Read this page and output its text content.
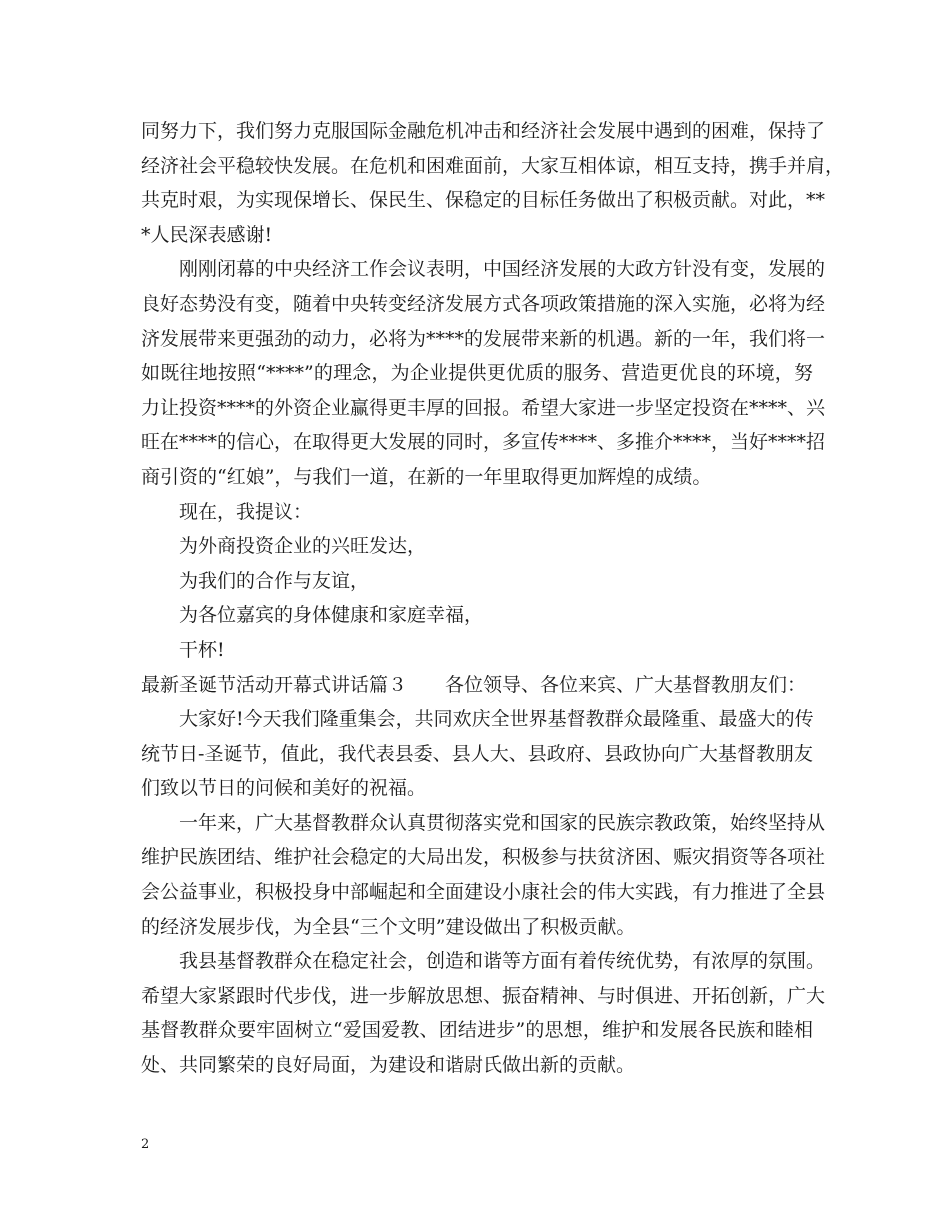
同努力下，我们努力克服国际金融危机冲击和经济社会发展中遇到的困难，保持了
经济社会平稳较快发展。在危机和困难面前，大家互相体谅，相互支持，携手并肩，
共克时艰，为实现保增长、保民生、保稳定的目标任务做出了积极贡献。对此，**
*人民深表感谢!
刚刚闭幕的中央经济工作会议表明，中国经济发展的大政方针没有变，发展的
良好态势没有变，随着中央转变经济发展方式各项政策措施的深入实施，必将为经
济发展带来更强劲的动力，必将为****的发展带来新的机遇。新的一年，我们将一
如既往地按照“****”的理念，为企业提供更优质的服务、营造更优良的环境，努
力让投资****的外资企业赢得更丰厚的回报。希望大家进一步坚定投资在****、兴
旺在****的信心，在取得更大发展的同时，多宣传****、多推介****，当好****招
商引资的“红娘”，与我们一道，在新的一年里取得更加辉煌的成绩。
现在，我提议：
为外商投资企业的兴旺发达，
为我们的合作与友谊，
为各位嘉宾的身体健康和家庭幸福，
干杯!
最新圣诞节活动开幕式讲话篇３　　各位领导、各位来宾、广大基督教朋友们：
大家好!今天我们隆重集会，共同欢庆全世界基督教群众最隆重、最盛大的传
统节日-圣诞节，值此，我代表县委、县人大、县政府、县政协向广大基督教朋友
们致以节日的问候和美好的祝福。
一年来，广大基督教群众认真贯彻落实党和国家的民族宗教政策，始终坚持从
维护民族团结、维护社会稳定的大局出发，积极参与扶贫济困、赈灾捐资等各项社
会公益事业，积极投身中部崛起和全面建设小康社会的伟大实践，有力推进了全县
的经济发展步伐，为全县“三个文明”建设做出了积极贡献。
我县基督教群众在稳定社会，创造和谐等方面有着传统优势，有浓厚的氛围。
希望大家紧跟时代步伐，进一步解放思想、振奋精神、与时俱进、开拓创新，广大
基督教群众要牢固树立“爱国爱教、团结进步”的思想，维护和发展各民族和睦相
处、共同繁荣的良好局面，为建设和谐尉氏做出新的贡献。
2
